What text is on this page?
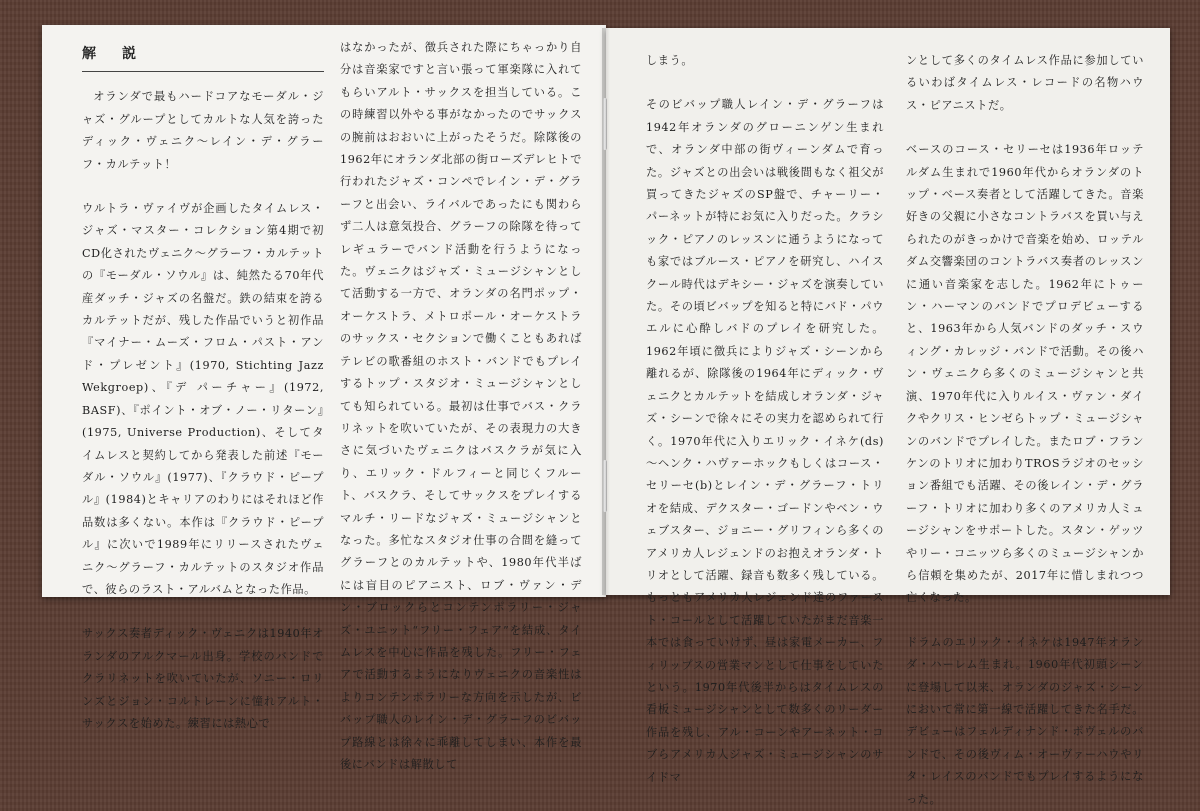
解　説

オランダで最もハードコアなモーダル・ジャズ・グループとしてカルトな人気を誇ったディック・ヴェニク～レイン・デ・グラーフ・カルテット！

ウルトラ・ヴァイヴが企画したタイムレス・ジャズ・マスター・コレクション第4期で初CD化されたヴェニク～グラーフ・カルテットの『モーダル・ソウル』は、純然たる70年代産ダッチ・ジャズの名盤だ。鉄の結束を誇るカルテットだが、残した作品でいうと初作品『マイナー・ムーズ・フロム・パスト・アンド・プレゼント』(1970, Stichting Jazz Wekgroep)、『デ パーチャー』(1972, BASF)、『ポイント・オブ・ノー・リターン』(1975, Universe Production)、そしてタイムレスと契約してから発表した前述『モーダル・ソウル』(1977)、『クラウド・ピープル』(1984)とキャリアのわりにはそれほど作品数は多くない。本作は『クラウド・ピープル』に次いで1989年にリリースされたヴェニク～グラーフ・カルテットのスタジオ作品で、彼らのラスト・アルバムとなった作品。

サックス奏者ディック・ヴェニクは1940年オランダのアルクマール出身。学校のバンドでクラリネットを吹いていたが、ソニー・ロリンズとジョン・コルトレーンに憧れアルト・サックスを始めた。練習には熱心で

はなかったが、徴兵された際にちゃっかり自分は音楽家ですと言い張って軍楽隊に入れてもらいアルト・サックスを担当している。この時練習以外やる事がなかったのでサックスの腕前はおおいに上がったそうだ。除隊後の1962年にオランダ北部の街ローズデレヒトで行われたジャズ・コンペでレイン・デ・グラーフと出会い、ライバルであったにも関わらず二人は意気投合、グラーフの除隊を待ってレギュラーでバンド活動を行うようになった。ヴェニクはジャズ・ミュージシャンとして活動する一方で、オランダの名門ポップ・オーケストラ、メトロポール・オーケストラのサックス・セクションで働くこともあればテレビの歌番組のホスト・バンドでもプレイするトップ・スタジオ・ミュージシャンとしても知られている。最初は仕事でバス・クラリネットを吹いていたが、その表現力の大きさに気づいたヴェニクはバスクラが気に入り、エリック・ドルフィーと同じくフルート、バスクラ、そしてサックスをプレイするマルチ・リードなジャズ・ミュージシャンとなった。多忙なスタジオ仕事の合間を縫ってグラーフとのカルテットや、1980年代半ばには盲目のピアニスト、ロブ・ヴァン・デン・ブロックらとコンテンポラリー・ジャズ・ユニット“フリー・フェア”を結成、タイムレスを中心に作品を残した。フリー・フェアで活動するようになりヴェニクの音楽性はよりコンテンポラリーな方向を示したが、ビバップ職人のレイン・デ・グラーフのビバップ路線とは徐々に乖離してしまい、本作を最後にバンドは解散して

しまう。

そのビバップ職人レイン・デ・グラーフは1942年オランダのグローニンゲン生まれで、オランダ中部の街ヴィーンダムで育った。ジャズとの出会いは戦後間もなく祖父が買ってきたジャズのSP盤で、チャーリー・パーネットが特にお気に入りだった。クラシック・ピアノのレッスンに通うようになっても家ではブルース・ピアノを研究し、ハイスクール時代はデキシー・ジャズを演奏していた。その頃ビバップを知ると特にバド・パウエルに心酔しバドのプレイを研究した。1962年頃に徴兵によりジャズ・シーンから離れるが、除隊後の1964年にディック・ヴェニクとカルテットを結成しオランダ・ジャズ・シーンで徐々にその実力を認められて行く。1970年代に入りエリック・イネケ(ds)～ヘンク・ハヴァーホックもしくはコース・セリーセ(b)とレイン・デ・グラーフ・トリオを結成、デクスター・ゴードンやベン・ウェブスター、ジョニー・グリフィンら多くのアメリカ人レジェンドのお抱えオランダ・トリオとして活躍、録音も数多く残している。もっともアメリカ人レジェンド達のファースト・コールとして活躍していたがまだ音楽一本では食っていけず、昼は家電メーカー、フィリップスの営業マンとして仕事をしていたという。1970年代後半からはタイムレスの看板ミュージシャンとして数多くのリーダー作品を残し、アル・コーンやアーネット・コブらアメリカ人ジャズ・ミュージシャンのサイドマ

ンとして多くのタイムレス作品に参加しているいわばタイムレス・レコードの名物ハウス・ピアニストだ。

ベースのコース・セリーセは1936年ロッテルダム生まれで1960年代からオランダのトップ・ベース奏者として活躍してきた。音楽好きの父親に小さなコントラバスを買い与えられたのがきっかけで音楽を始め、ロッテルダム交響楽団のコントラバス奏者のレッスンに通い音楽家を志した。1962年にトゥーン・ハーマンのバンドでプロデビューすると、1963年から人気バンドのダッチ・スウィング・カレッジ・バンドで活動。その後ハン・ヴェニクら多くのミュージシャンと共演、1970年代に入りルイス・ヴァン・ダイクやクリス・ヒンゼらトップ・ミュージシャンのバンドでプレイした。またロブ・フランケンのトリオに加わりTROSラジオのセッション番組でも活躍、その後レイン・デ・グラーフ・トリオに加わり多くのアメリカ人ミュージシャンをサポートした。スタン・ゲッツやリー・コニッツら多くのミュージシャンから信頼を集めたが、2017年に惜しまれつつ亡くなった。

ドラムのエリック・イネケは1947年オランダ・ハーレム生まれ。1960年代初頭シーンに登場して以来、オランダのジャズ・シーンにおいて常に第一線で活躍してきた名手だ。デビューはフェルディナンド・ポヴェルのバンドで、その後ヴィム・オーヴァーハウやリタ・レイスのバンドでもプレイするようになった。
